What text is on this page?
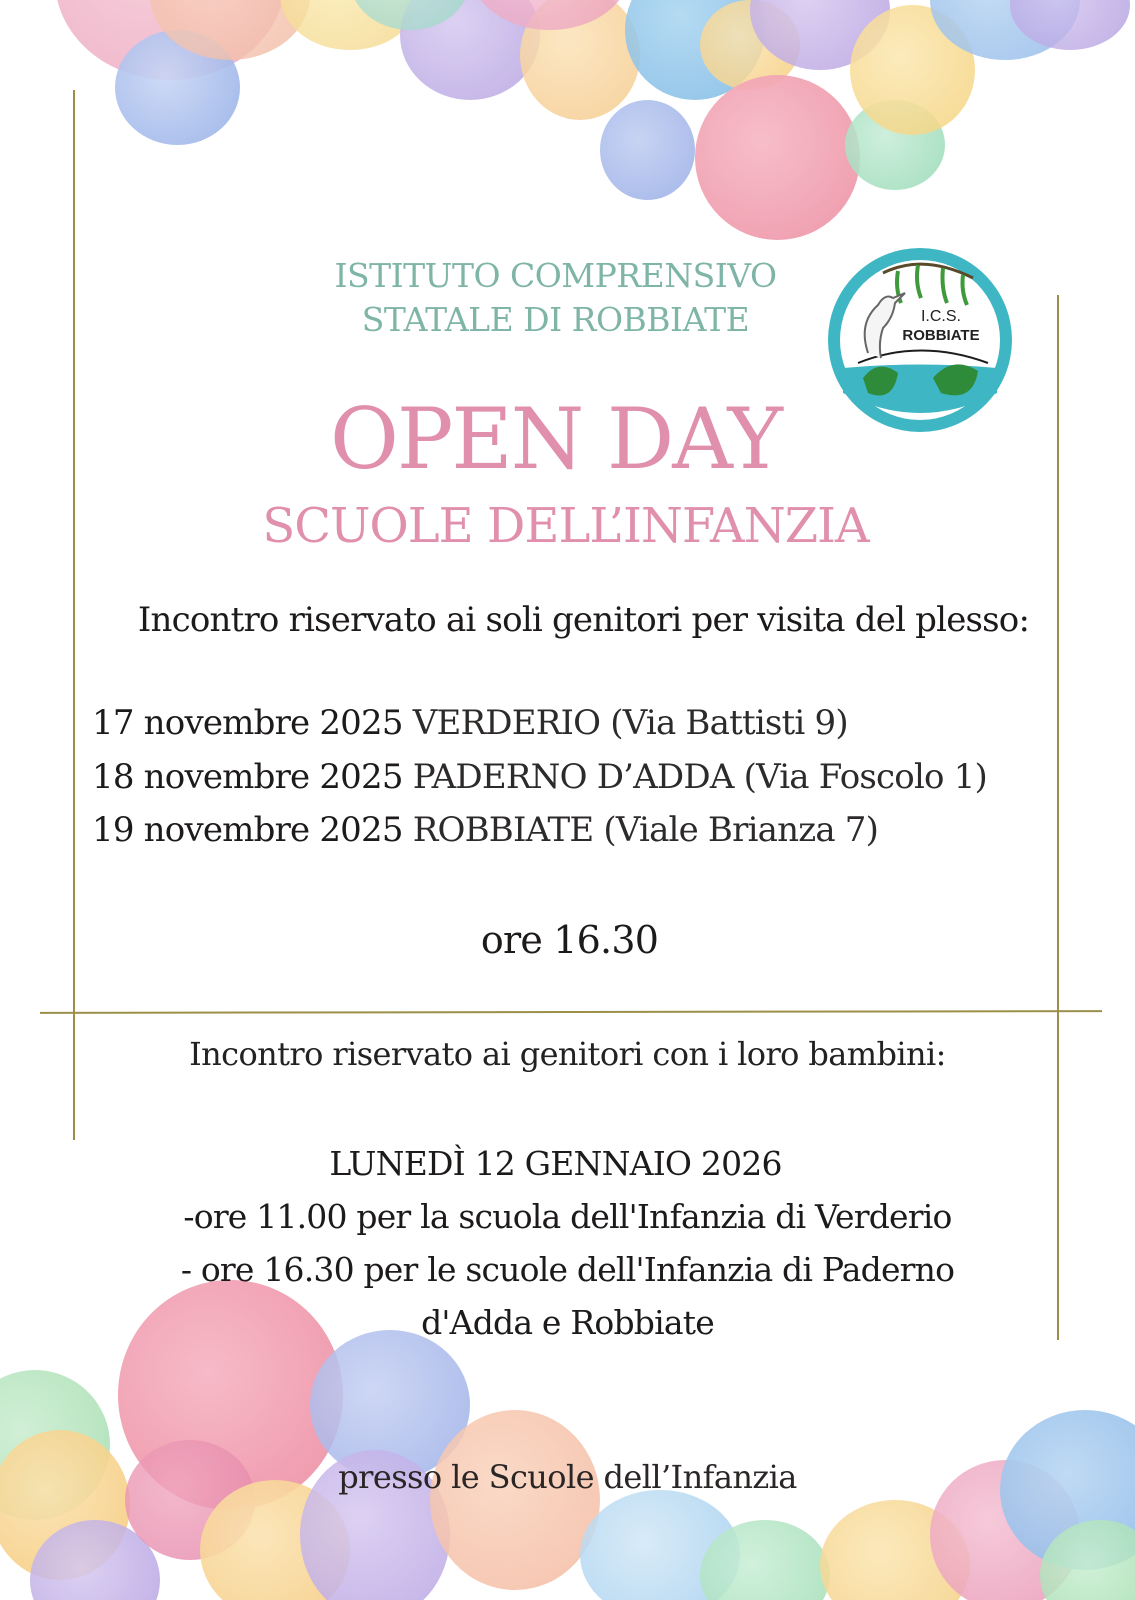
ISTITUTO COMPRENSIVO
STATALE DI ROBBIATE	I.C.S.
ROBBIATE
OPEN DAY
SCUOLE DELL’INFANZIA
Incontro riservato ai soli genitori per visita del plesso:
17 novembre 2025 VERDERIO (Via Battisti 9)
18 novembre 2025 PADERNO D’ADDA (Via Foscolo 1)
19 novembre 2025 ROBBIATE (Viale Brianza 7)
ore 16.30
Incontro riservato ai genitori con i loro bambini:
LUNEDÌ 12 GENNAIO 2026
-ore 11.00 per la scuola dell'Infanzia di Verderio
- ore 16.30 per le scuole dell'Infanzia di Paderno
d'Adda e Robbiate
presso le Scuole dell’Infanzia
